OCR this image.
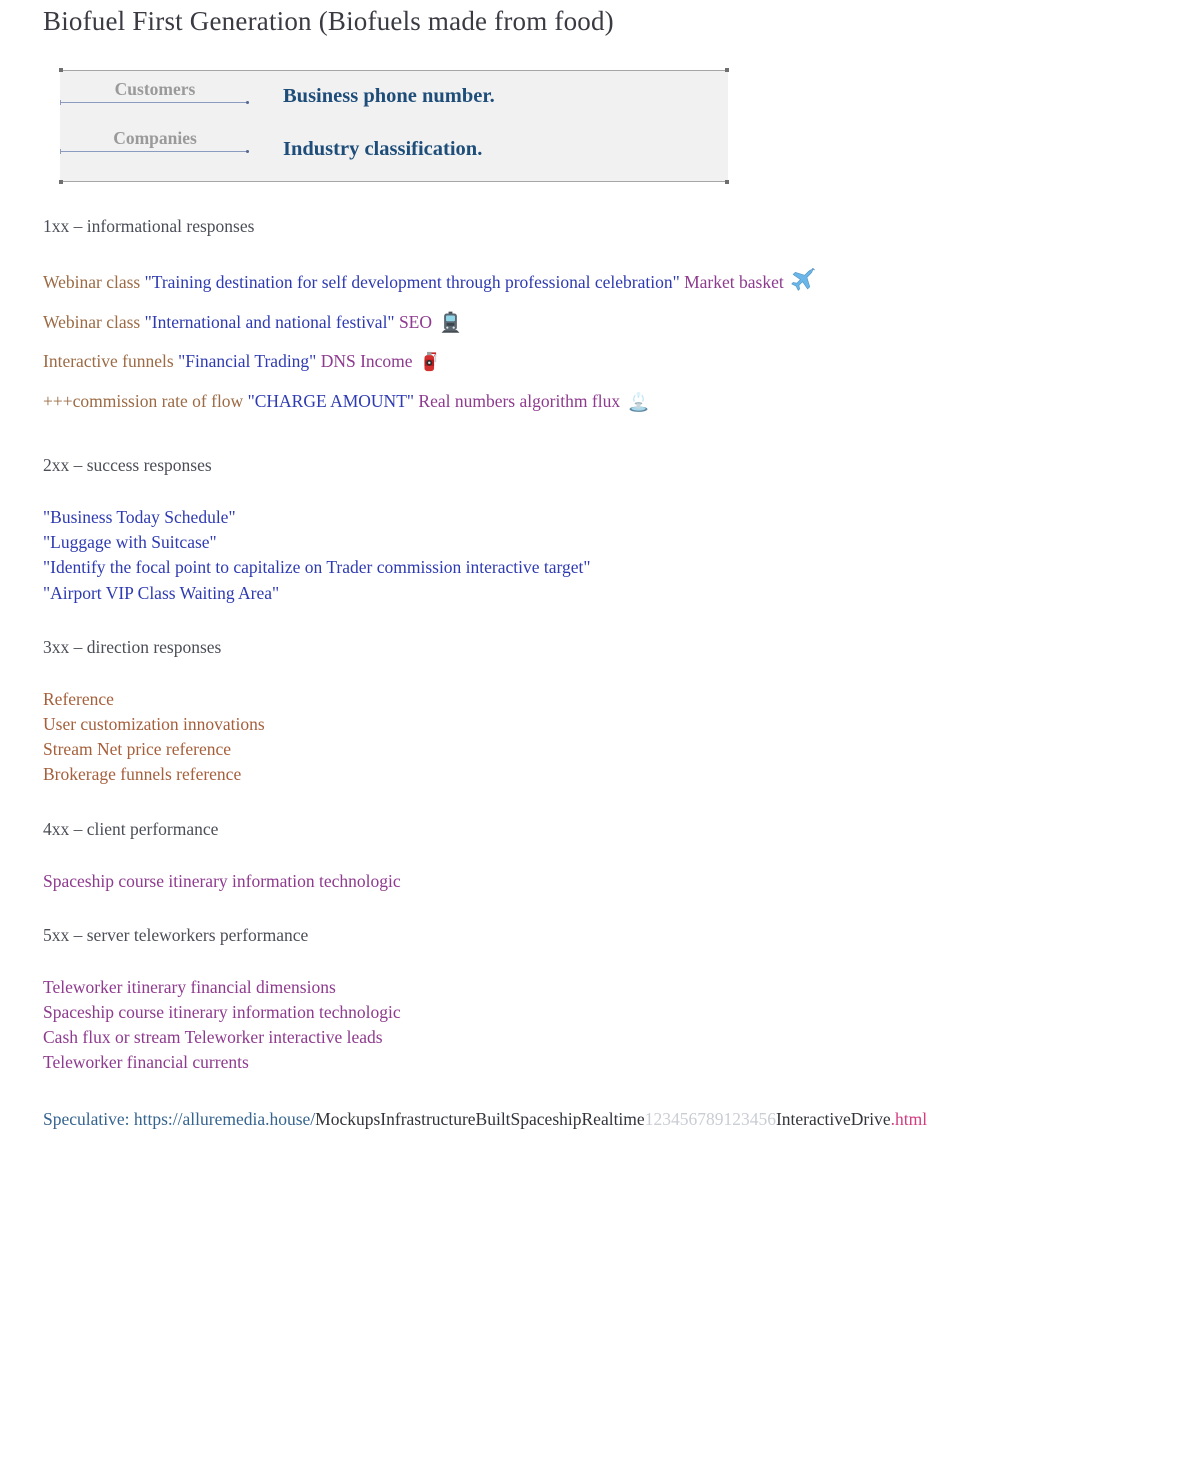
Biofuel First Generation (Biofuels made from food)
Customers	Business phone number.
Companies	Industry classification.

1xx – informational responses

Webinar class "Training destination for self development through professional celebration" Market basket
Webinar class "International and national festival" SEO
Interactive funnels "Financial Trading" DNS Income
+++commission rate of flow "CHARGE AMOUNT" Real numbers algorithm flux

2xx – success responses

"Business Today Schedule"
"Luggage with Suitcase"
"Identify the focal point to capitalize on Trader commission interactive target"
"Airport VIP Class Waiting Area"

3xx – direction responses

Reference
User customization innovations
Stream Net price reference
Brokerage funnels reference

4xx – client performance

Spaceship course itinerary information technologic

5xx – server teleworkers performance

Teleworker itinerary financial dimensions
Spaceship course itinerary information technologic
Cash flux or stream Teleworker interactive leads
Teleworker financial currents

Speculative: https://alluremedia.house/MockupsInfrastructureBuiltSpaceshipRealtime123456789123456InteractiveDrive.html
